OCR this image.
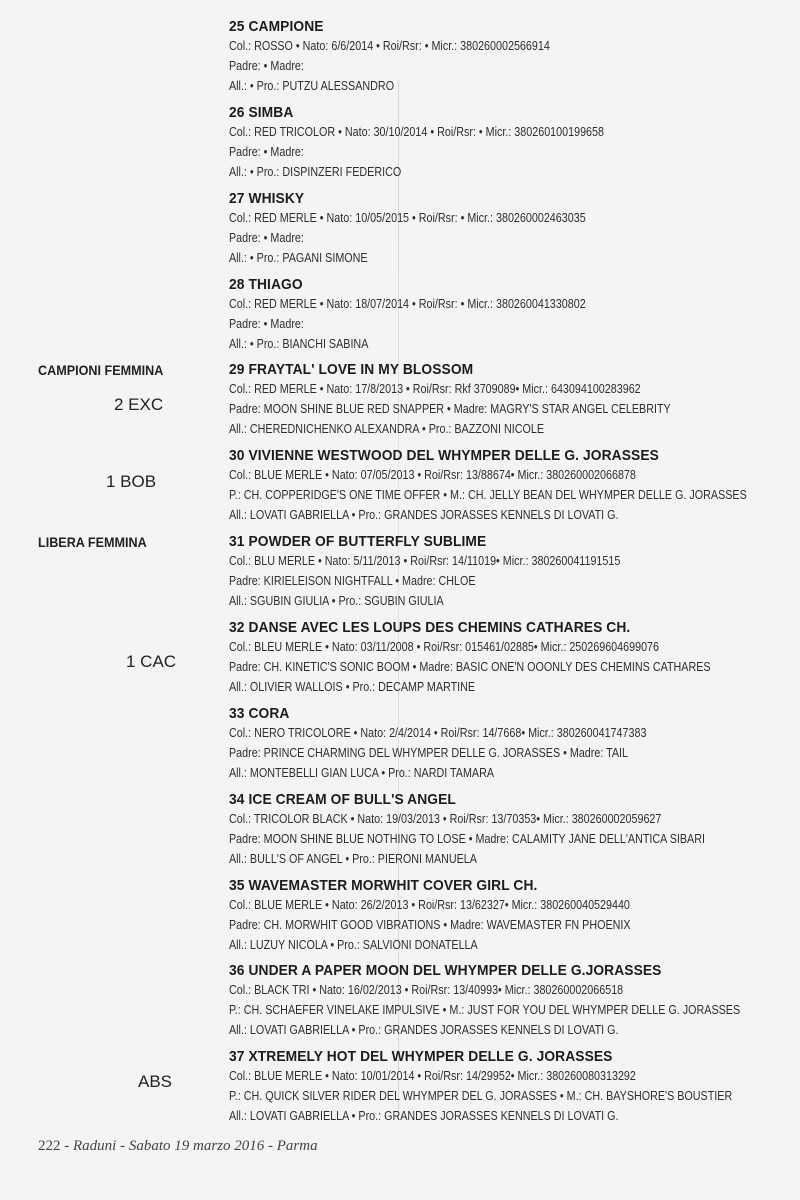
CAMPIONI FEMMINA
LIBERA FEMMINA
2 EXC
1 BOB
1 CAC
ABS
25 CAMPIONE
Col.: ROSSO • Nato: 6/6/2014 • Roi/Rsr: • Micr.: 380260002566914
Padre: • Madre:
All.: • Pro.: PUTZU ALESSANDRO
26 SIMBA
Col.: RED TRICOLOR • Nato: 30/10/2014 • Roi/Rsr: • Micr.: 380260100199658
Padre: • Madre:
All.: • Pro.: DISPINZERI FEDERICO
27 WHISKY
Col.: RED MERLE • Nato: 10/05/2015 • Roi/Rsr: • Micr.: 380260002463035
Padre: • Madre:
All.: • Pro.: PAGANI SIMONE
28 THIAGO
Col.: RED MERLE • Nato: 18/07/2014 • Roi/Rsr: • Micr.: 380260041330802
Padre: • Madre:
All.: • Pro.: BIANCHI SABINA
29 FRAYTAL' LOVE IN MY BLOSSOM
Col.: RED MERLE • Nato: 17/8/2013 • Roi/Rsr: Rkf 3709089• Micr.: 643094100283962
Padre: MOON SHINE BLUE RED SNAPPER • Madre: MAGRY'S STAR ANGEL CELEBRITY
All.: CHEREDNICHENKO ALEXANDRA • Pro.: BAZZONI NICOLE
30 VIVIENNE WESTWOOD DEL WHYMPER DELLE G. JORASSES
Col.: BLUE MERLE • Nato: 07/05/2013 • Roi/Rsr: 13/88674• Micr.: 380260002066878
P.: CH. COPPERIDGE'S ONE TIME OFFER • M.: CH. JELLY BEAN DEL WHYMPER DELLE G. JORASSES
All.: LOVATI GABRIELLA • Pro.: GRANDES JORASSES KENNELS DI LOVATI G.
31 POWDER OF BUTTERFLY SUBLIME
Col.: BLU MERLE • Nato: 5/11/2013 • Roi/Rsr: 14/11019• Micr.: 380260041191515
Padre: KIRIELEISON NIGHTFALL • Madre: CHLOE
All.: SGUBIN GIULIA • Pro.: SGUBIN GIULIA
32 DANSE AVEC LES LOUPS DES CHEMINS CATHARES CH.
Col.: BLEU MERLE • Nato: 03/11/2008 • Roi/Rsr: 015461/02885• Micr.: 250269604699076
Padre: CH. KINETIC'S SONIC BOOM • Madre: BASIC ONE'N OOONLY DES CHEMINS CATHARES
All.: OLIVIER WALLOIS • Pro.: DECAMP MARTINE
33 CORA
Col.: NERO TRICOLORE • Nato: 2/4/2014 • Roi/Rsr: 14/7668• Micr.: 380260041747383
Padre: PRINCE CHARMING DEL WHYMPER DELLE G. JORASSES • Madre: TAIL
All.: MONTEBELLI GIAN LUCA • Pro.: NARDI TAMARA
34 ICE CREAM OF BULL'S ANGEL
Col.: TRICOLOR BLACK • Nato: 19/03/2013 • Roi/Rsr: 13/70353• Micr.: 380260002059627
Padre: MOON SHINE BLUE NOTHING TO LOSE • Madre: CALAMITY JANE DELL'ANTICA SIBARI
All.: BULL'S OF ANGEL • Pro.: PIERONI MANUELA
35 WAVEMASTER MORWHIT COVER GIRL CH.
Col.: BLUE MERLE • Nato: 26/2/2013 • Roi/Rsr: 13/62327• Micr.: 380260040529440
Padre: CH. MORWHIT GOOD VIBRATIONS • Madre: WAVEMASTER FN PHOENIX
All.: LUZUY NICOLA • Pro.: SALVIONI DONATELLA
36 UNDER A PAPER MOON DEL WHYMPER DELLE G.JORASSES
Col.: BLACK TRI • Nato: 16/02/2013 • Roi/Rsr: 13/40993• Micr.: 380260002066518
P.: CH. SCHAEFER VINELAKE IMPULSIVE • M.: JUST FOR YOU DEL WHYMPER DELLE G. JORASSES
All.: LOVATI GABRIELLA • Pro.: GRANDES JORASSES KENNELS DI LOVATI G.
37 XTREMELY HOT DEL WHYMPER DELLE G. JORASSES
Col.: BLUE MERLE • Nato: 10/01/2014 • Roi/Rsr: 14/29952• Micr.: 380260080313292
P.: CH. QUICK SILVER RIDER DEL WHYMPER DEL G. JORASSES • M.: CH. BAYSHORE'S BOUSTIER
All.: LOVATI GABRIELLA • Pro.: GRANDES JORASSES KENNELS DI LOVATI G.
222 - Raduni - Sabato 19 marzo 2016 - Parma
